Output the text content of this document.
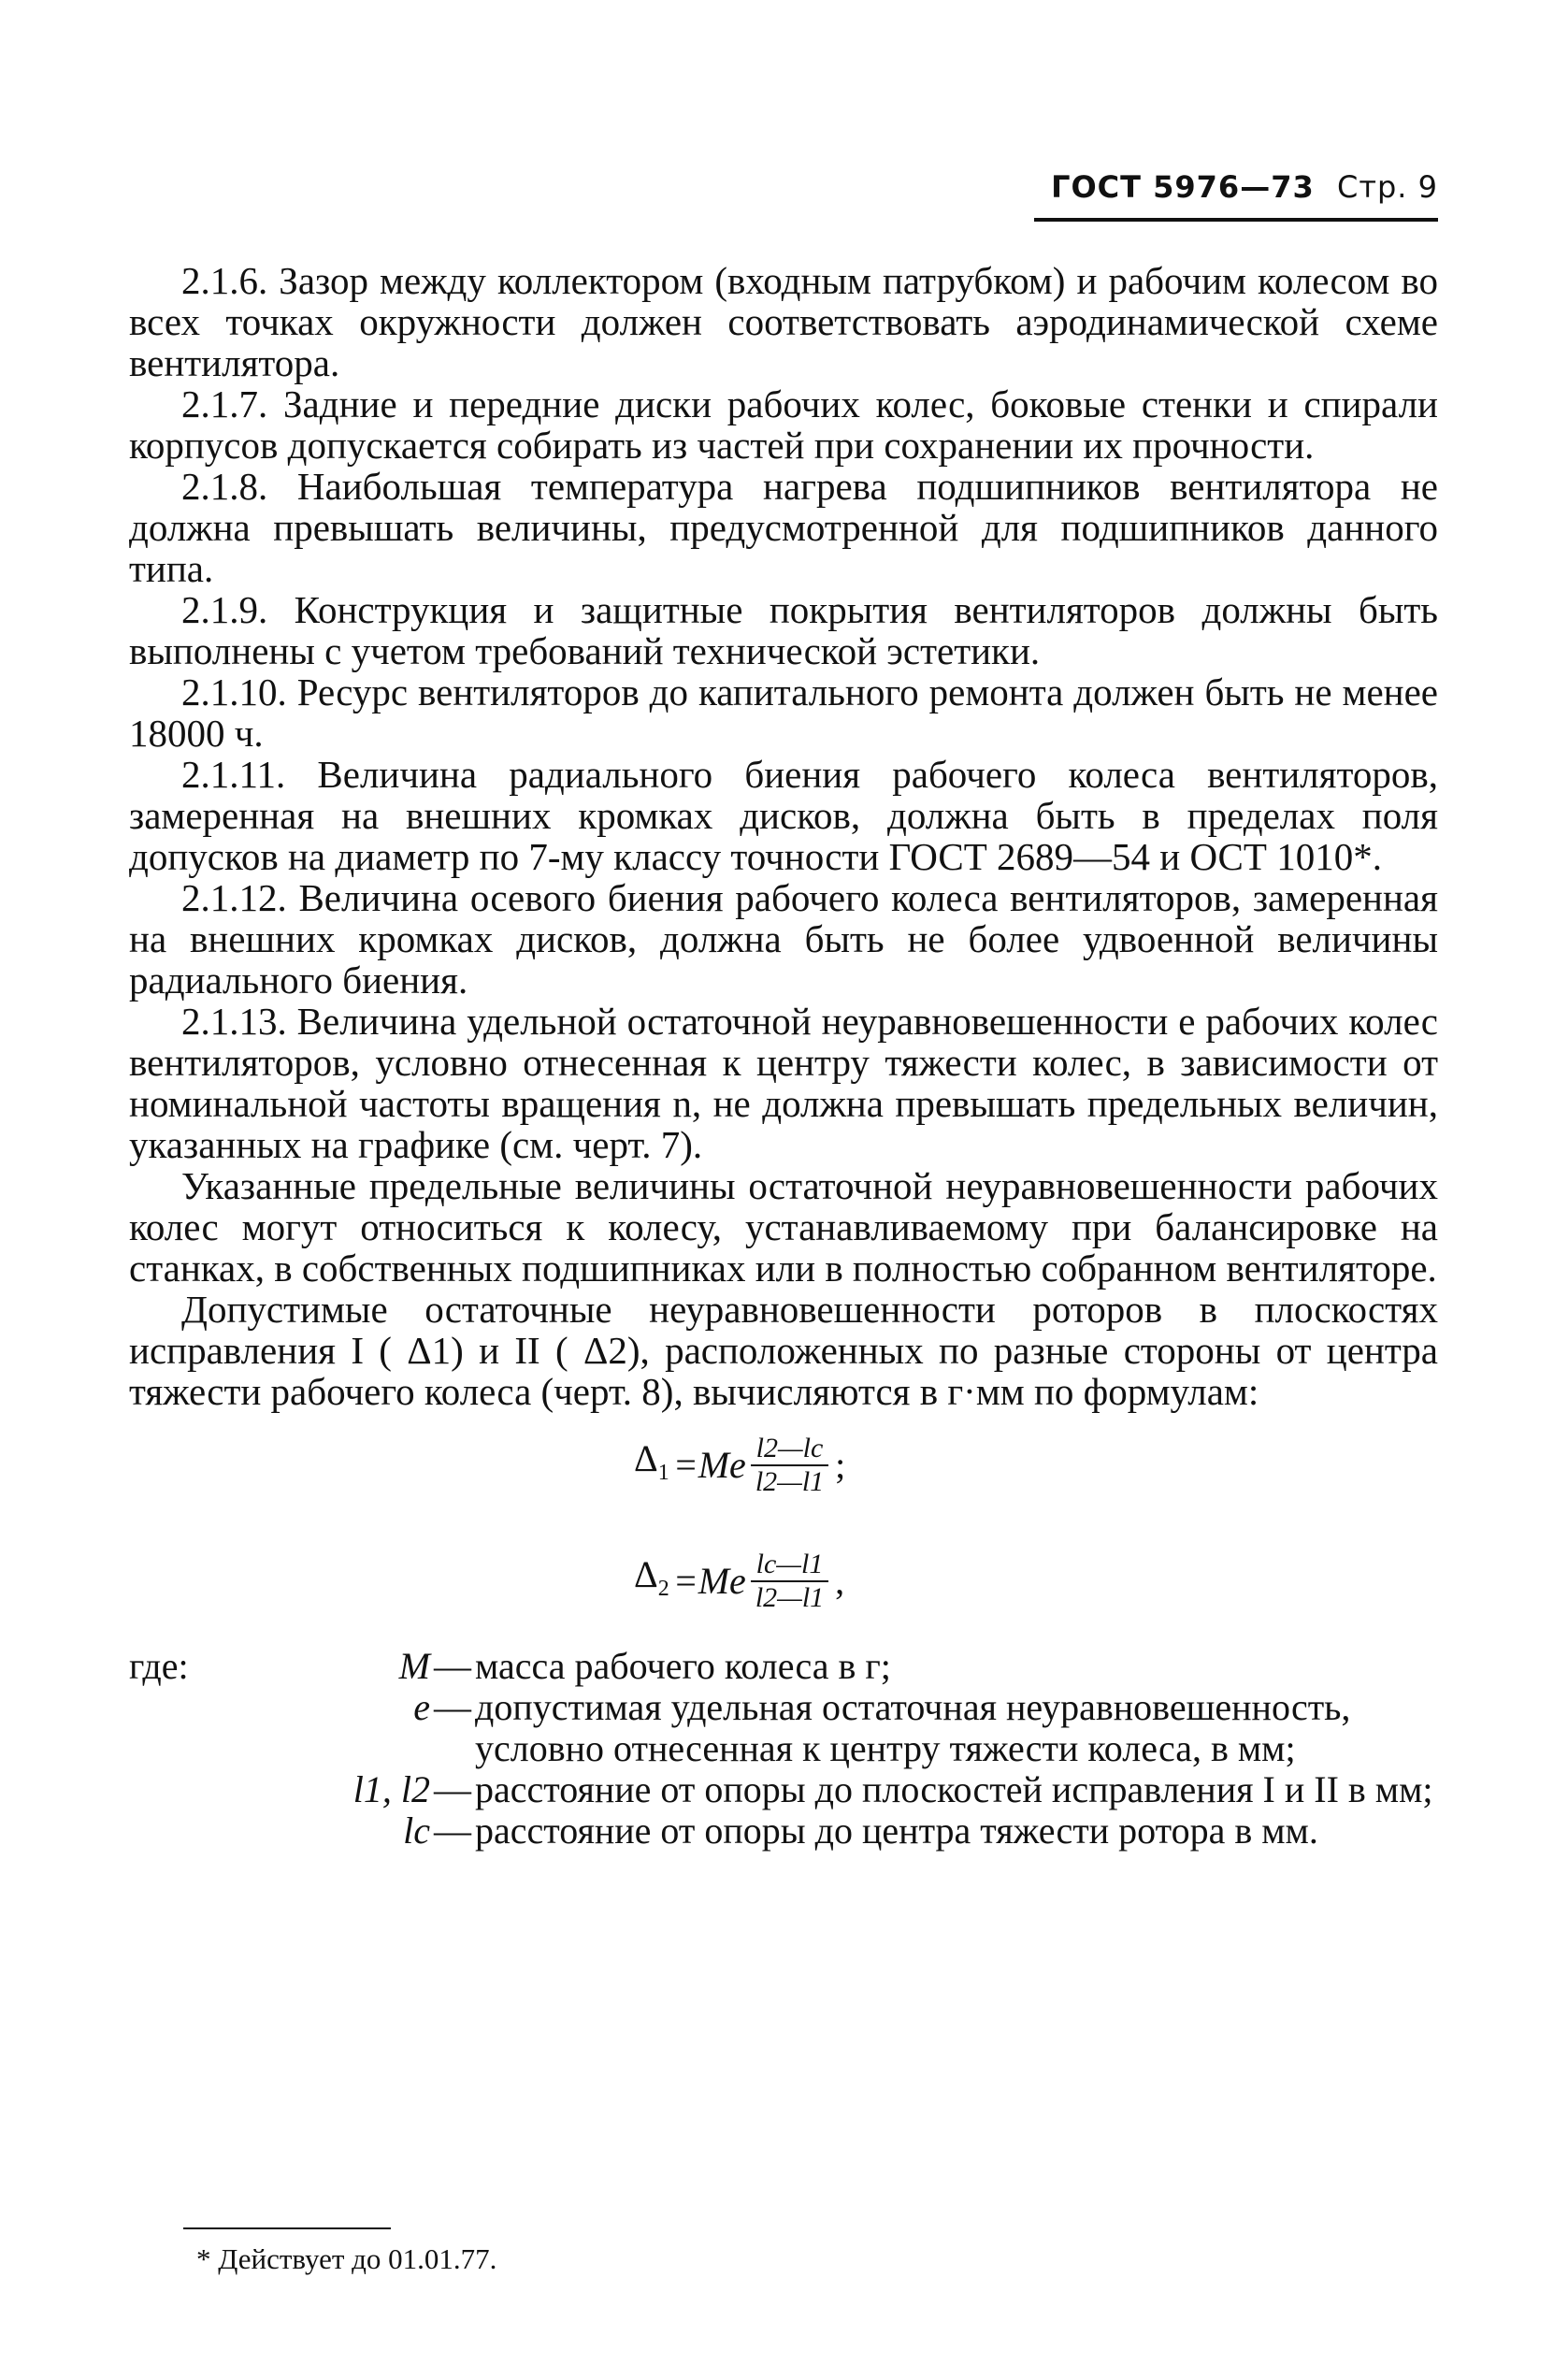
ГОСТ 5976—73 Стр. 9

2.1.6. Зазор между коллектором (входным патрубком) и рабочим колесом во всех точках окружности должен соответствовать аэродинамической схеме вентилятора.

2.1.7. Задние и передние диски рабочих колес, боковые стенки и спирали корпусов допускается собирать из частей при сохранении их прочности.

2.1.8. Наибольшая температура нагрева подшипников вентилятора не должна превышать величины, предусмотренной для подшипников данного типа.

2.1.9. Конструкция и защитные покрытия вентиляторов должны быть выполнены с учетом требований технической эстетики.

2.1.10. Ресурс вентиляторов до капитального ремонта должен быть не менее 18000 ч.

2.1.11. Величина радиального биения рабочего колеса вентиляторов, замеренная на внешних кромках дисков, должна быть в пределах поля допусков на диаметр по 7-му классу точности ГОСТ 2689—54 и ОСТ 1010*.

2.1.12. Величина осевого биения рабочего колеса вентиляторов, замеренная на внешних кромках дисков, должна быть не более удвоенной величины радиального биения.

2.1.13. Величина удельной остаточной неуравновешенности e рабочих колес вентиляторов, условно отнесенная к центру тяжести колес, в зависимости от номинальной частоты вращения n, не должна превышать предельных величин, указанных на графике (см. черт. 7).

Указанные предельные величины остаточной неуравновешенности рабочих колес могут относиться к колесу, устанавливаемому при балансировке на станках, в собственных подшипниках или в полностью собранном вентиляторе.

Допустимые остаточные неуравновешенности роторов в плоскостях исправления I ( Δ1) и II ( Δ2), расположенных по разные стороны от центра тяжести рабочего колеса (черт. 8), вычисляются в г·мм по формулам:

$\Delta_1 =Me \frac{l2—lc}{l2—l1}$ ;
$\Delta_2 =Me \frac{lc—l1}{l2—l1}$ ,
где:	M — масса рабочего колеса в г;
e — допустимая удельная остаточная неуравновешенность, условно отнесенная к центру тяжести колеса, в мм;
l1, l2 — расстояние от опоры до плоскостей исправления I и II в мм;
lc — расстояние от опоры до центра тяжести ротора в мм.
* Действует до 01.01.77.
